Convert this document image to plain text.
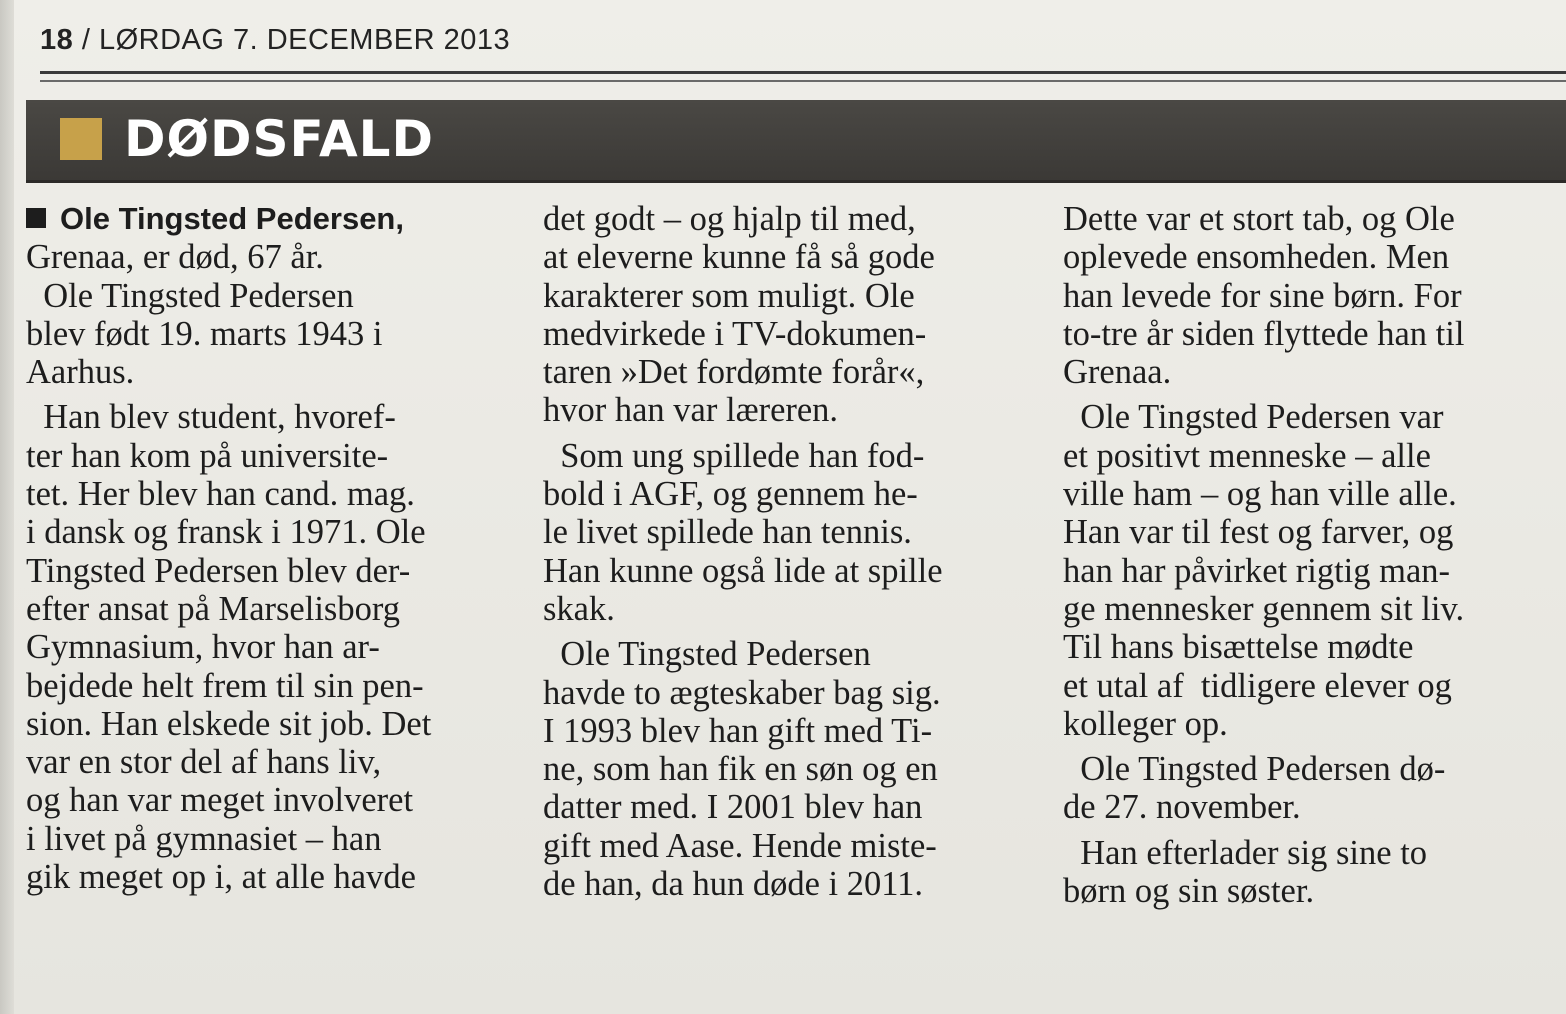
18 / LØRDAG 7. DECEMBER 2013
DØDSFALD
Ole Tingsted Pedersen,
Grenaa, er død, 67 år.
Ole Tingsted Pedersen
blev født 19. marts 1943 i
Aarhus.
Han blev student, hvoref-
ter han kom på universite-
tet. Her blev han cand. mag.
i dansk og fransk i 1971. Ole
Tingsted Pedersen blev der-
efter ansat på Marselisborg
Gymnasium, hvor han ar-
bejdede helt frem til sin pen-
sion. Han elskede sit job. Det
var en stor del af hans liv,
og han var meget involveret
i livet på gymnasiet – han
gik meget op i, at alle havde
det godt – og hjalp til med,
at eleverne kunne få så gode
karakterer som muligt. Ole
medvirkede i TV-dokumen-
taren »Det fordømte forår«,
hvor han var læreren.
Som ung spillede han fod-
bold i AGF, og gennem he-
le livet spillede han tennis.
Han kunne også lide at spille
skak.
Ole Tingsted Pedersen
havde to ægteskaber bag sig.
I 1993 blev han gift med Ti-
ne, som han fik en søn og en
datter med. I 2001 blev han
gift med Aase. Hende miste-
de han, da hun døde i 2011.
Dette var et stort tab, og Ole
oplevede ensomheden. Men
han levede for sine børn. For
to-tre år siden flyttede han til
Grenaa.
Ole Tingsted Pedersen var
et positivt menneske – alle
ville ham – og han ville alle.
Han var til fest og farver, og
han har påvirket rigtig man-
ge mennesker gennem sit liv.
Til hans bisættelse mødte
et utal af  tidligere elever og
kolleger op.
Ole Tingsted Pedersen dø-
de 27. november.
Han efterlader sig sine to
børn og sin søster.
